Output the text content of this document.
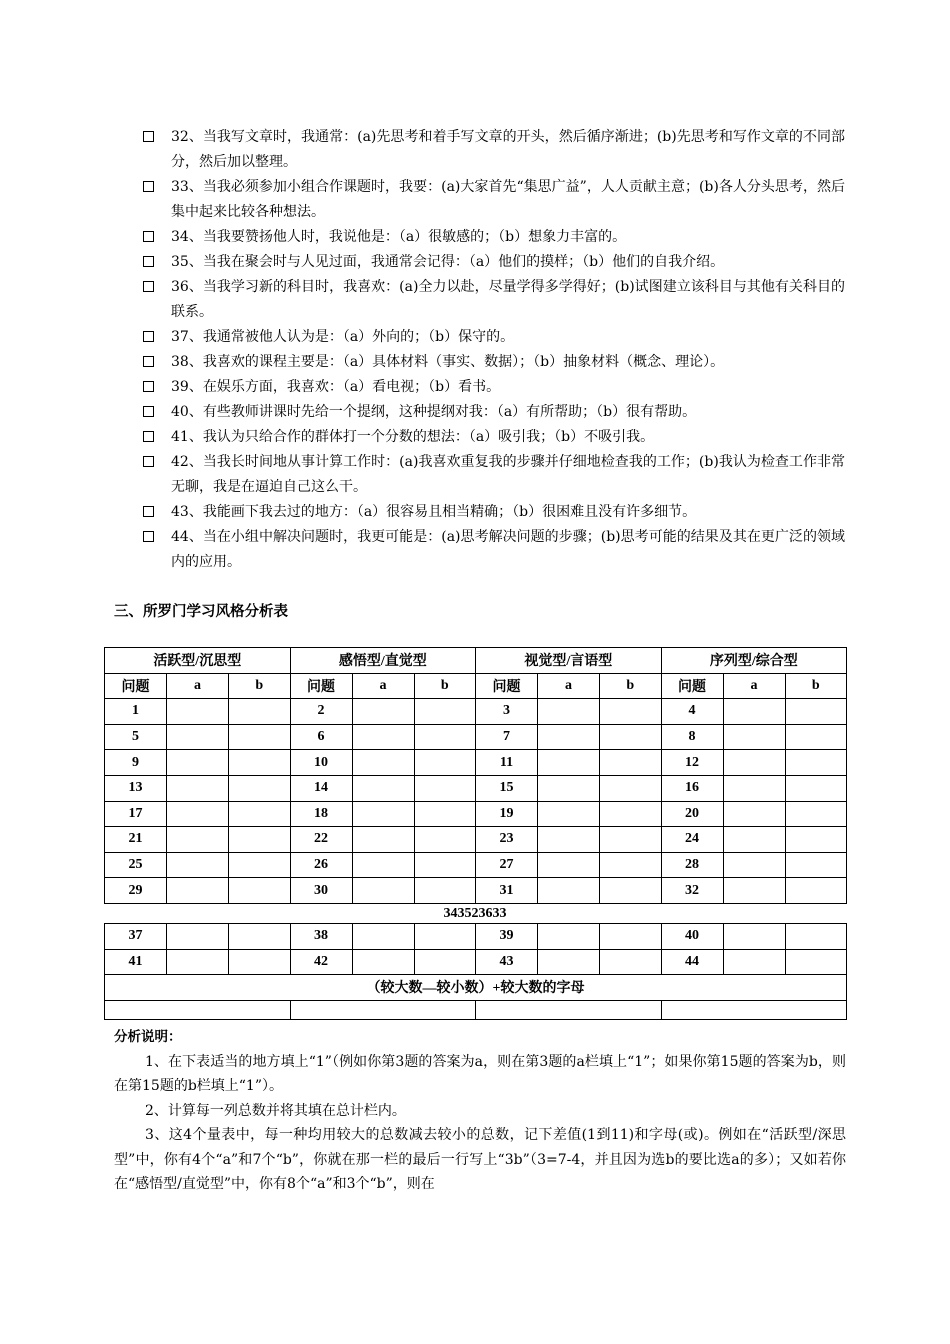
32、当我写文章时，我通常：(a)先思考和着手写文章的开头，然后循序渐进；(b)先思考和写作文章的不同部分，然后加以整理。
33、当我必须参加小组合作课题时，我要：(a)大家首先“集思广益”，人人贡献主意；(b)各人分头思考，然后集中起来比较各种想法。
34、当我要赞扬他人时，我说他是：（a）很敏感的；（b）想象力丰富的。
35、当我在聚会时与人见过面，我通常会记得：（a）他们的摸样；（b）他们的自我介绍。
36、当我学习新的科目时，我喜欢：(a)全力以赴，尽量学得多学得好；(b)试图建立该科目与其他有关科目的联系。
37、我通常被他人认为是：（a）外向的；（b）保守的。
38、我喜欢的课程主要是：（a）具体材料（事实、数据）；（b）抽象材料（概念、理论）。
39、在娱乐方面，我喜欢：（a）看电视；（b）看书。
40、有些教师讲课时先给一个提纲，这种提纲对我：（a）有所帮助；（b）很有帮助。
41、我认为只给合作的群体打一个分数的想法：（a）吸引我；（b）不吸引我。
42、当我长时间地从事计算工作时：(a)我喜欢重复我的步骤并仔细地检查我的工作；(b)我认为检查工作非常无聊，我是在逼迫自己这么干。
43、我能画下我去过的地方：（a）很容易且相当精确；（b）很困难且没有许多细节。
44、当在小组中解决问题时，我更可能是：(a)思考解决问题的步骤；(b)思考可能的结果及其在更广泛的领域内的应用。
三、所罗门学习风格分析表
活跃型/沉思型			感悟型/直觉型			视觉型/言语型			序列型/综合型		
问题	a	b	问题	a	b	问题	a	b	问题	a	b
1			2			3			4		
5			6			7			8		
9			10			11			12		
13			14			15			16		
17			18			19			20		
21			22			23			24		
25			26			27			28		
29			30			31			32		
343523633
37			38			39			40		
41			42			43			44		
（较大数—较小数）+较大数的字母											

分析说明：

1、在下表适当的地方填上“1”（例如你第3题的答案为a，则在第3题的a栏填上“1”；如果你第15题的答案为b，则在第15题的b栏填上“1”）。

2、计算每一列总数并将其填在总计栏内。

3、这4个量表中，每一种均用较大的总数减去较小的总数，记下差值(1到11)和字母(或)。例如在“活跃型/深思型”中，你有4个“a”和7个“b”，你就在那一栏的最后一行写上“3b”（3=7-4，并且因为选b的要比选a的多）；又如若你在“感悟型/直觉型”中，你有8个“a”和3个“b”，则在
